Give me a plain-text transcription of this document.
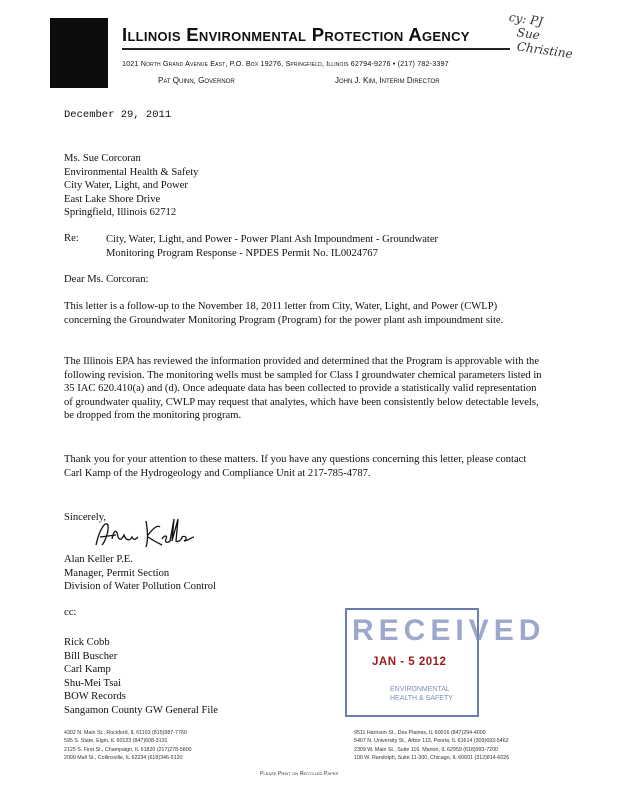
Illinois Environmental Protection Agency
1021 North Grand Avenue East, P.O. Box 19276, Springfield, Illinois 62794-9276 • (217) 782-3397
Pat Quinn, Governor	John J. Kim, Interim Director
cy: PJ
Sue
Christine
December 29, 2011
Ms. Sue Corcoran
Environmental Health & Safety
City Water, Light, and Power
East Lake Shore Drive
Springfield, Illinois 62712
Re:	City, Water, Light, and Power - Power Plant Ash Impoundment - Groundwater
Monitoring Program Response - NPDES Permit No. IL0024767
Dear Ms. Corcoran:
This letter is a follow-up to the November 18, 2011 letter from City, Water, Light, and Power (CWLP) concerning the Groundwater Monitoring Program (Program) for the power plant ash impoundment site.
The Illinois EPA has reviewed the information provided and determined that the Program is approvable with the following revision. The monitoring wells must be sampled for Class I groundwater chemical parameters listed in 35 IAC 620.410(a) and (d). Once adequate data has been collected to provide a statistically valid representation of groundwater quality, CWLP may request that analytes, which have been consistently below detectable levels, be dropped from the monitoring program.
Thank you for your attention to these matters. If you have any questions concerning this letter, please contact Carl Kamp of the Hydrogeology and Compliance Unit at 217-785-4787.
Sincerely,
Alan Keller P.E.
Manager, Permit Section
Division of Water Pollution Control
cc:
Rick Cobb
Bill Buscher
Carl Kamp
Shu-Mei Tsai
BOW Records
Sangamon County GW General File
RECEIVED
JAN - 5 2012
ENVIRONMENTAL
HEALTH & SAFETY
4302 N. Main St., Rockford, IL 61103 (815)987-7760
595 S. State, Elgin, IL 60123 (847)608-3131
2125 S. First St., Champaign, IL 61820 (217)278-5800
2009 Mall St., Collinsville, IL 62234 (618)346-5120
9511 Harrison St., Des Plaines, IL 60016 (847)294-4000
5407 N. University St., Arbor 113, Peoria, IL 61614 (309)693-5462
2309 W. Main St., Suite 116, Marion, IL 62959 (618)993-7200
100 W. Randolph, Suite 11-300, Chicago, IL 60601 (312)814-6026
Please Print on Recycled Paper
